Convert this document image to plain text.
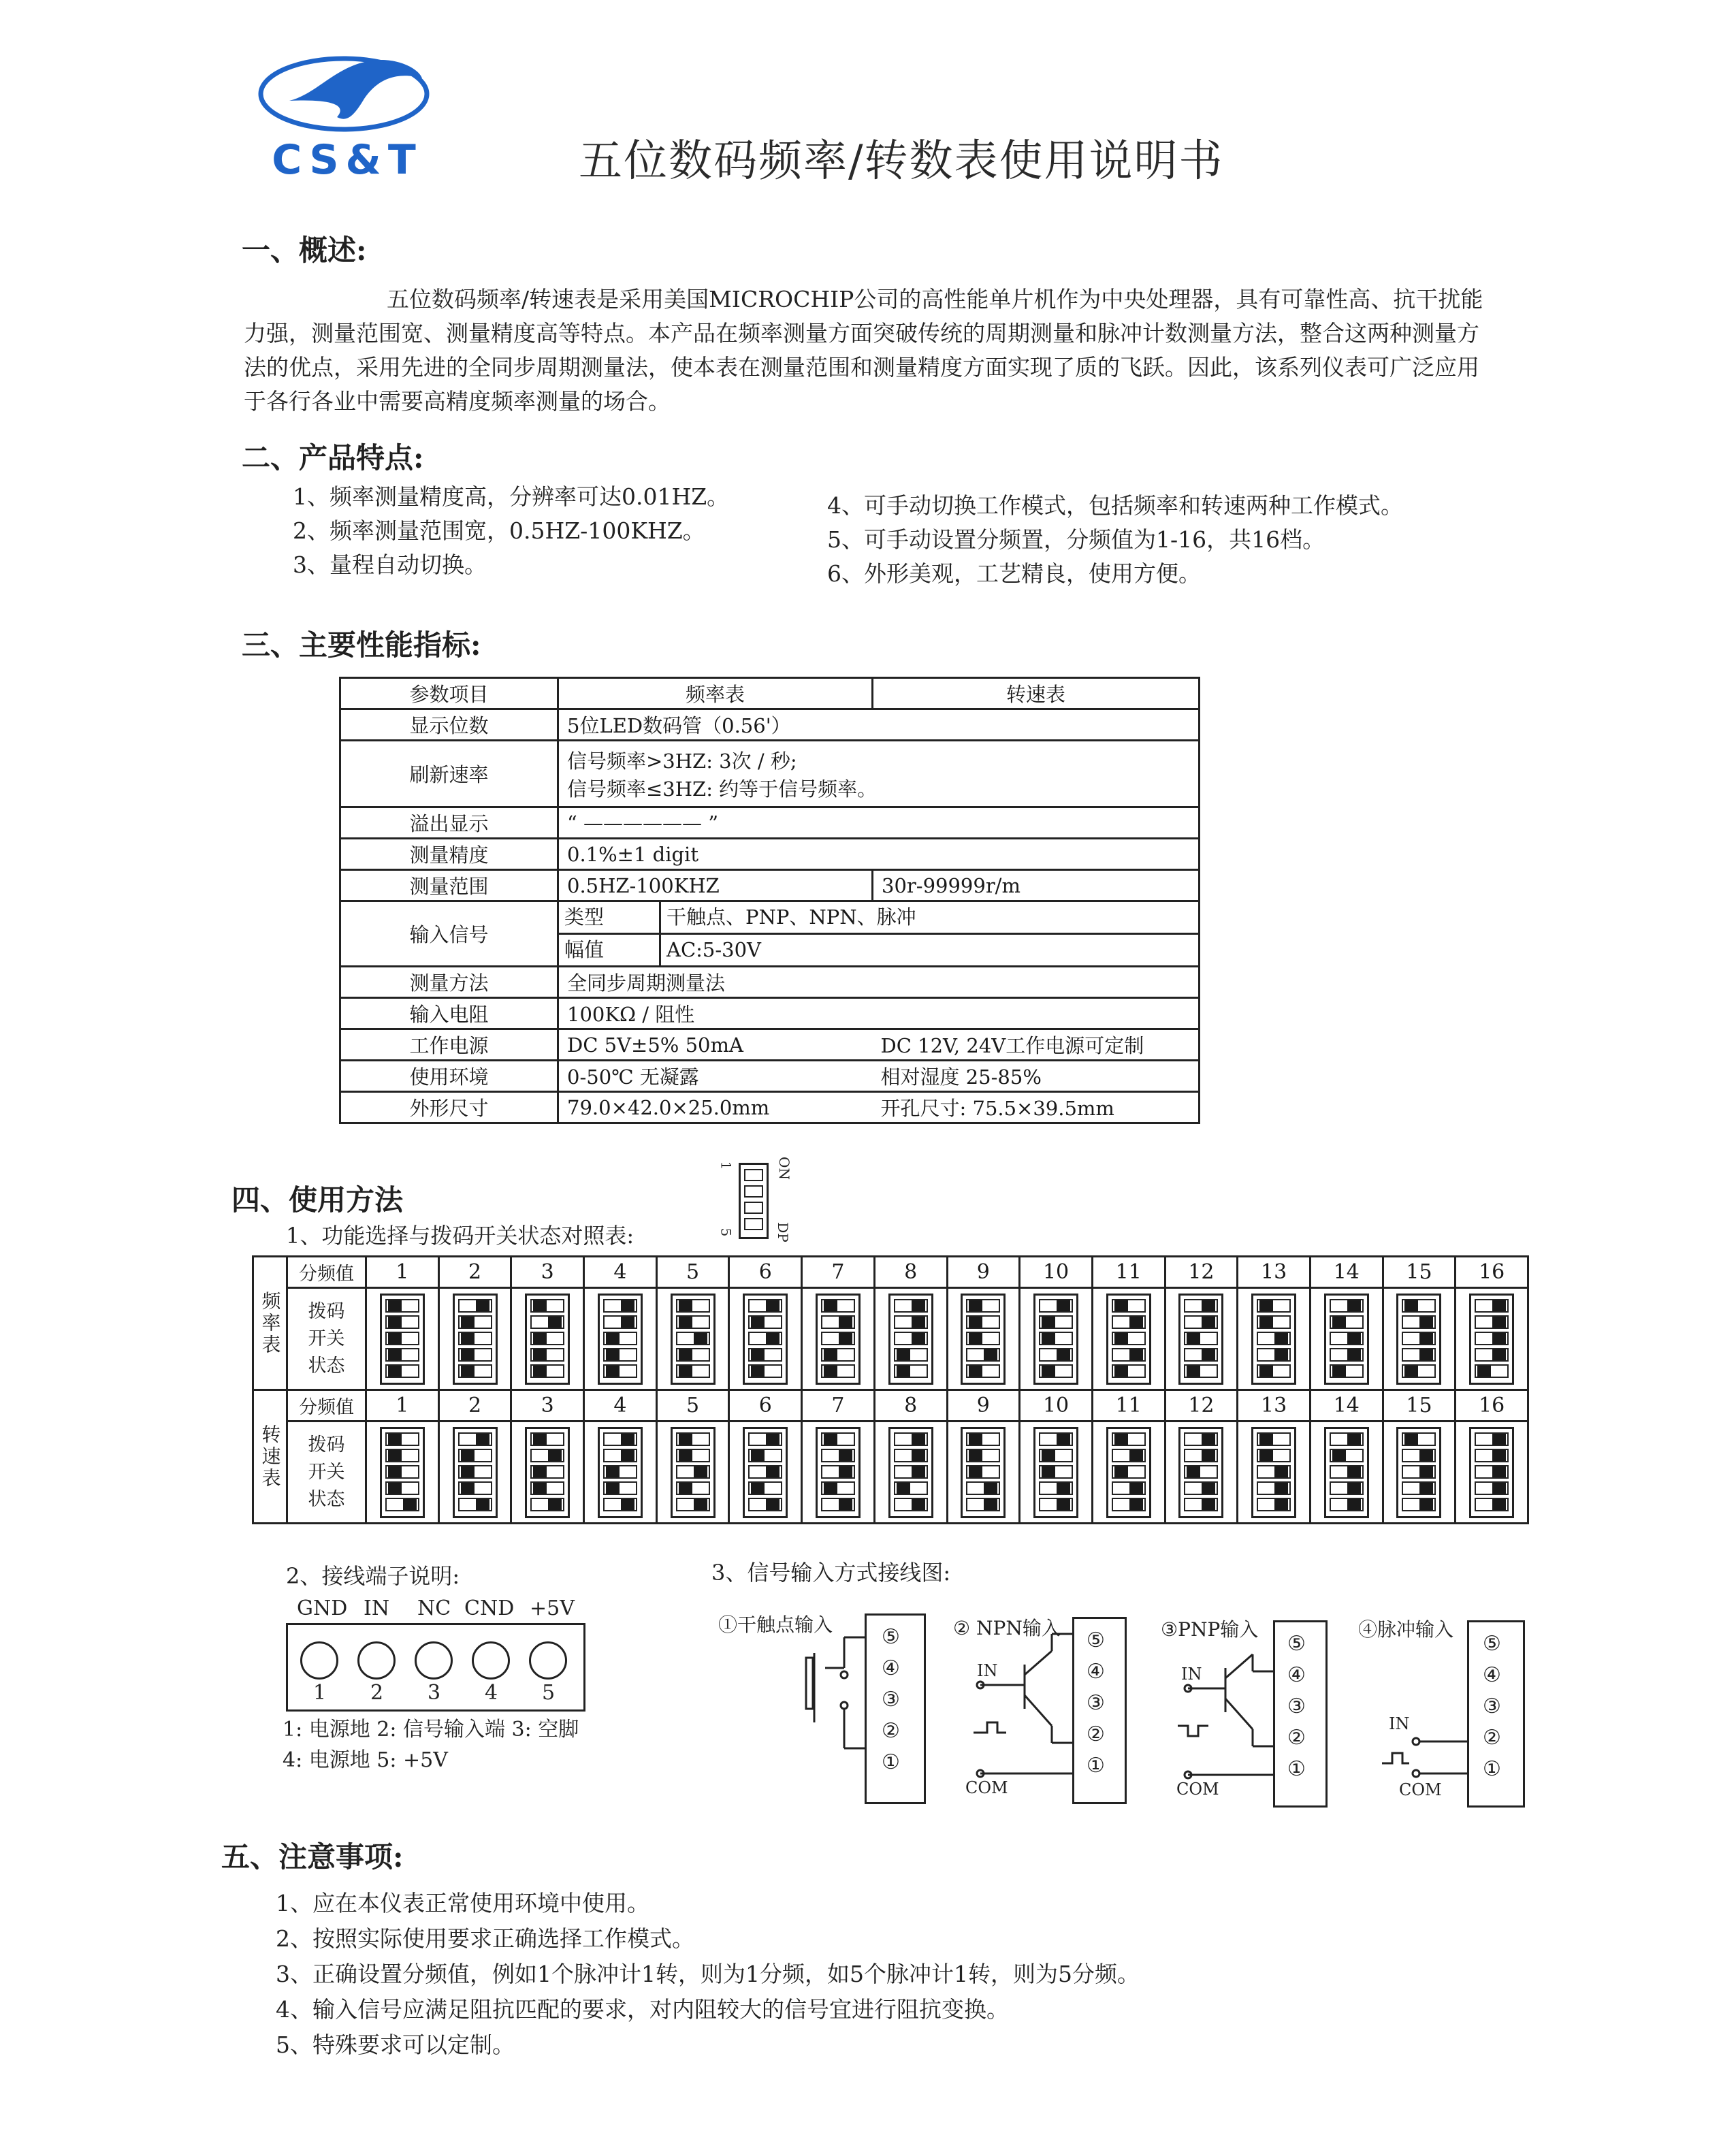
CS&T	五位数码频率/转数表使用说明书
一、概述:
五位数码频率/转速表是采用美国MICROCHIP公司的高性能单片机作为中央处理器，具有可靠性高、抗干扰能
力强，测量范围宽、测量精度高等特点。本产品在频率测量方面突破传统的周期测量和脉冲计数测量方法，整合这两种测量方
法的优点，采用先进的全同步周期测量法，使本表在测量范围和测量精度方面实现了质的飞跃。因此，该系列仪表可广泛应用
于各行各业中需要高精度频率测量的场合。
二、产品特点:
1、频率测量精度高，分辨率可达0.01HZ。
2、频率测量范围宽，0.5HZ-100KHZ。
3、量程自动切换。
4、可手动切换工作模式，包括频率和转速两种工作模式。
5、可手动设置分频置，分频值为1-16，共16档。
6、外形美观，工艺精良，使用方便。
三、主要性能指标:
参数项目	频率表	转速表
显示位数	5位LED数码管（0.56'）	
刷新速率	信号频率>3HZ: 3次 / 秒;
信号频率≤3HZ: 约等于信号频率。	

溢出显示	“ —————— ”	
测量精度	0.1%±1 digit	
测量范围	0.5HZ-100KHZ	30r-99999r/m
输入信号	类型 干触点、PNP、NPN、脉冲
幅值 AC:5-30V	

测量方法	全同步周期测量法	
输入电阻	100KΩ / 阻性	
工作电源	DC 5V±5% 50mA	DC 12V, 24V工作电源可定制
使用环境	0-50℃ 无凝露	相对湿度 25-85%
外形尺寸	79.0×42.0×25.0mm	开孔尺寸: 75.5×39.5mm
四、使用方法
1、功能选择与拨码开关状态对照表:
1
5
ON
DP
频率表	分频值	1	2	3	4	5	6	7	8	9	10	11	12	13	14	15	16

	拨码
开关
状态																

转速表	分频值	1	2	3	4	5	6	7	8	9	10	11	12	13	14	15	16

	拨码
开关
状态																

2、接线端子说明:
GND IN NC CND +5V
1 2 3 4 5
1: 电源地 2: 信号输入端 3: 空脚
4: 电源地 5: +5V
3、信号输入方式接线图:
①干触点输入	② NPN输入	③PNP输入	④脉冲输入
⑤
④
③
②
①
⑤
④
③
②
①
⑤
④
③
②
①
⑤
④
③
②
①
IN
COM
IN
COM
IN
COM
五、注意事项:
1、应在本仪表正常使用环境中使用。
2、按照实际使用要求正确选择工作模式。
3、正确设置分频值，例如1个脉冲计1转，则为1分频，如5个脉冲计1转，则为5分频。
4、输入信号应满足阻抗匹配的要求，对内阻较大的信号宜进行阻抗变换。
5、特殊要求可以定制。
